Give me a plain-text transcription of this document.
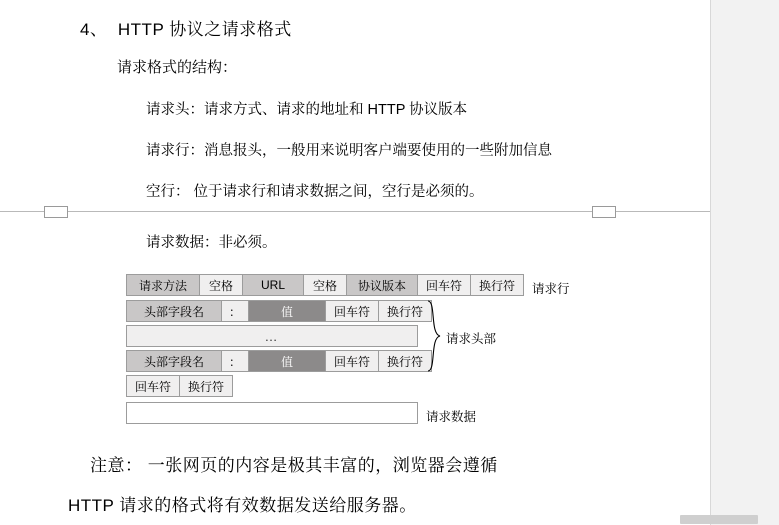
4、  HTTP 协议之请求格式
请求格式的结构：
请求头：请求方式、请求的地址和 HTTP 协议版本
请求行：消息报头，一般用来说明客户端要使用的一些附加信息
空行： 位于请求行和请求数据之间，空行是必须的。
请求数据：非必须。
请求方法	空格	URL	空格	协议版本	回车符	换行符	请求行
头部字段名	：	值	回车符	换行符
…
头部字段名	：	值	回车符	换行符
请求头部
回车符	换行符
请求数据
注意： 一张网页的内容是极其丰富的，浏览器会遵循
HTTP 请求的格式将有效数据发送给服务器。
